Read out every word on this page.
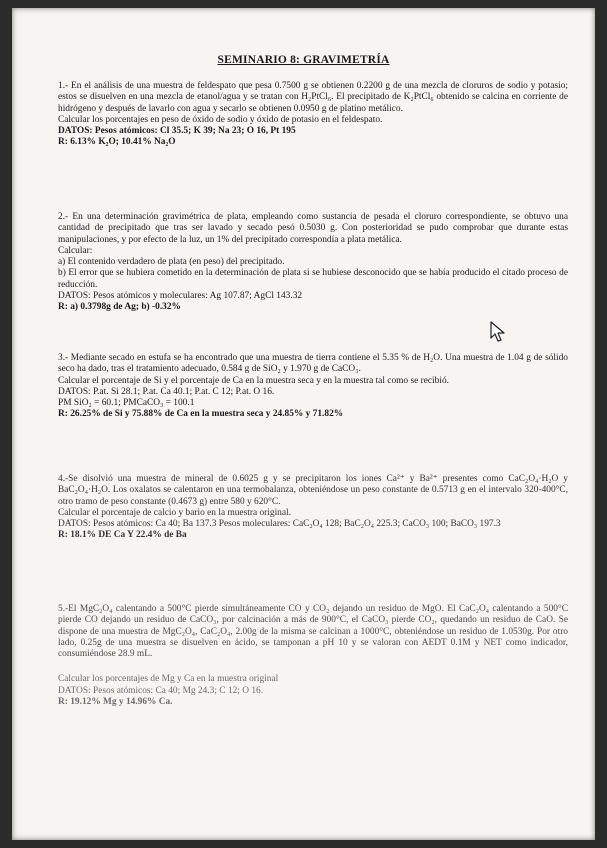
SEMINARIO 8: GRAVIMETRÍA

1.- En el análisis de una muestra de feldespato que pesa 0.7500 g se obtienen 0.2200 g de una mezcla de cloruros de sodio y potasio; estos se disuelven en una mezcla de etanol/agua y se tratan con H₂PtCl₆. El precipitado de K₂PtCl₆ obtenido se calcina en corriente de hidrógeno y después de lavarlo con agua y secarlo se obtienen 0.0950 g de platino metálico.

Calcular los porcentajes en peso de óxido de sodio y óxido de potasio en el feldespato.

DATOS: Pesos atómicos: Cl 35.5; K 39; Na 23; O 16, Pt 195

R: 6.13% K₂O; 10.41% Na₂O

2.- En una determinación gravimétrica de plata, empleando como sustancia de pesada el cloruro correspondiente, se obtuvo una cantidad de precipitado que tras ser lavado y secado pesó 0.5030 g. Con posterioridad se pudo comprobar que durante estas manipulaciones, y por efecto de la luz, un 1% del precipitado correspondía a plata metálica.

Calcular:

a) El contenido verdadero de plata (en peso) del precipitado.

b) El error que se hubiera cometido en la determinación de plata si se hubiese desconocido que se había producido el citado proceso de reducción.

DATOS: Pesos atómicos y moleculares: Ag 107.87; AgCl 143.32

R: a) 0.3798g de Ag; b) -0.32%

3.- Mediante secado en estufa se ha encontrado que una muestra de tierra contiene el 5.35 % de H₂O. Una muestra de 1.04 g de sólido seco ha dado, tras el tratamiento adecuado, 0.584 g de SiO₂ y 1.970 g de CaCO₃.

Calcular el porcentaje de Si y el porcentaje de Ca en la muestra seca y en la muestra tal como se recibió.

DATOS: P.at. Si 28.1; P.at. Ca 40.1; P.at. C 12; P.at. O 16.

PM SiO₂ = 60.1; PMCaCO₃ = 100.1

R: 26.25% de Si y 75.88% de Ca en la muestra seca y 24.85% y 71.82%

4.-Se disolvió una muestra de mineral de 0.6025 g y se precipitaron los iones Ca²⁺ y Ba²⁺ presentes como CaC₂O₄·H₂O y BaC₂O₄·H₂O. Los oxalatos se calentaron en una termobalanza, obteniéndose un peso constante de 0.5713 g en el intervalo 320-400°C, otro tramo de peso constante (0.4673 g) entre 580 y 620°C.

Calcular el porcentaje de calcio y bario en la muestra original.

DATOS: Pesos atómicos: Ca 40; Ba 137.3 Pesos moleculares: CaC₂O₄ 128; BaC₂O₄ 225.3; CaCO₃ 100; BaCO₃ 197.3

R: 18.1% DE Ca Y 22.4% de Ba

5.-El MgC₂O₄ calentando a 500°C pierde simultáneamente CO y CO₂ dejando un residuo de MgO. El CaC₂O₄ calentando a 500°C pierde CO dejando un residuo de CaCO₃, por calcinación a más de 900°C, el CaCO₃ pierde CO₂, quedando un residuo de CaO. Se dispone de una muestra de MgC₂O₄, CaC₂O₄, 2.00g de la misma se calcinan a 1000°C, obteniéndose un residuo de 1.0530g. Por otro lado, 0.25g de una muestra se disuelven en ácido, se tamponan a pH 10 y se valoran con AEDT 0.1M y NET como indicador, consumiéndose 28.9 mL.

Calcular los porcentajes de Mg y Ca en la muestra original

DATOS: Pesos atómicos: Ca 40; Mg 24.3; C 12; O 16.

R: 19.12% Mg y 14.96% Ca.
